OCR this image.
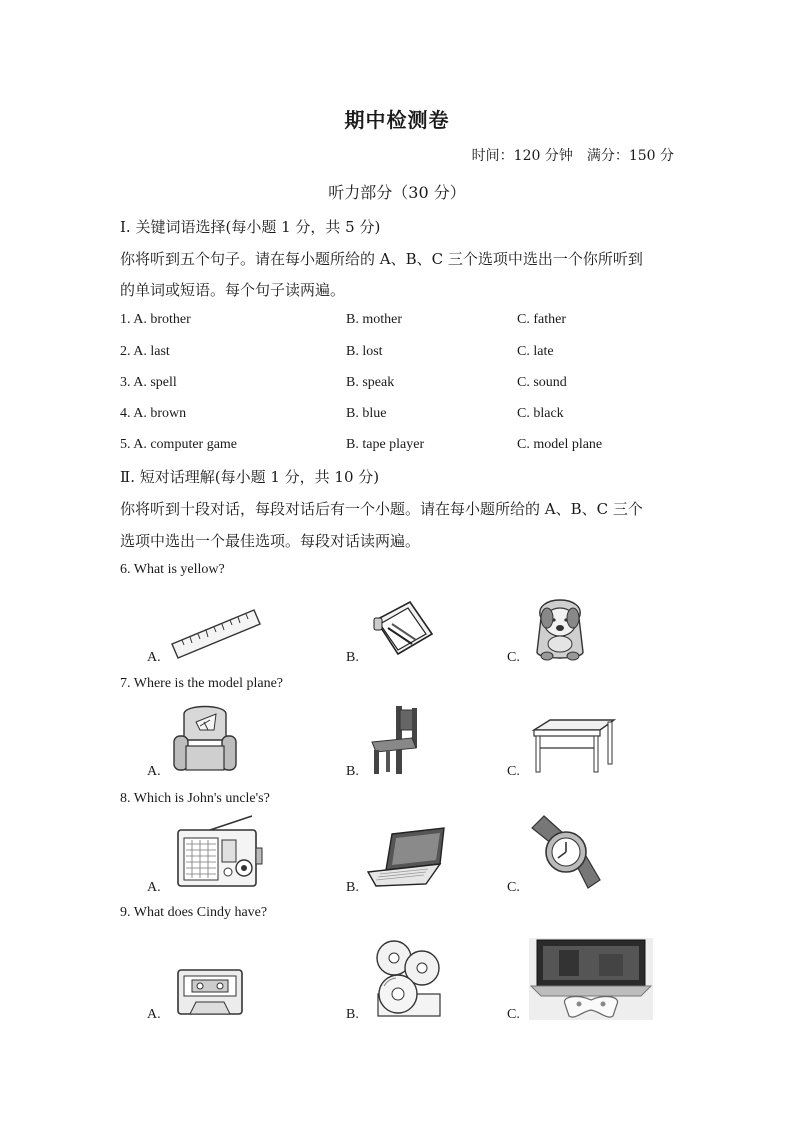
期中检测卷
时间：120 分钟 满分：150 分
听力部分（30 分）
Ⅰ. 关键词语选择(每小题 1 分，共 5 分)
你将听到五个句子。请在每小题所给的 A、B、C 三个选项中选出一个你所听到
的单词或短语。每个句子读两遍。
1. A. brother	B. mother	C. father
2. A. last	B. lost	C. late
3. A. spell	B. speak	C. sound
4. A. brown	B. blue	C. black
5. A. computer game	B. tape player	C. model plane
Ⅱ. 短对话理解(每小题 1 分，共 10 分)
你将听到十段对话，每段对话后有一个小题。请在每小题所给的 A、B、C 三个
选项中选出一个最佳选项。每段对话读两遍。
6. What is yellow?
A.	B.	C.
7. Where is the model plane?
A.	B.	C.
8. Which is John's uncle's?
A.	B.	C.
9. What does Cindy have?
A.	B.	C.
